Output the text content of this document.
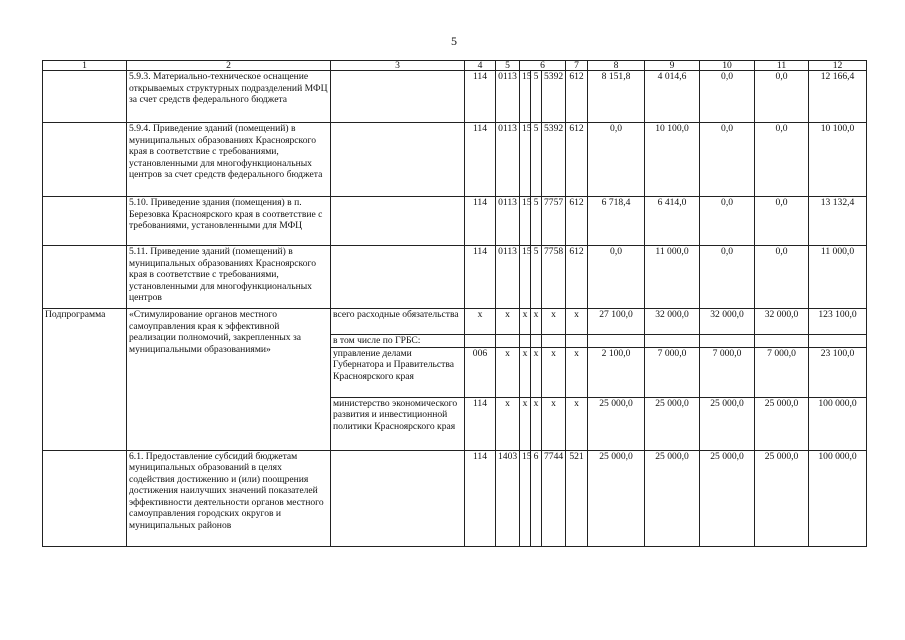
5
1	2	3	4	5	6			7	8	9	10	11	12
	5.9.3. Материально-техническое оснащение открываемых структурных подразделений МФЦ за счет средств федерального бюджета		114	0113	15	5	5392	612	8 151,8	4 014,6	0,0	0,0	12 166,4
	5.9.4. Приведение зданий (помещений) в муниципальных образованиях Красноярского края в соответствие с требованиями, установленными для многофункциональных центров за счет средств федерального бюджета		114	0113	15	5	5392	612	0,0	10 100,0	0,0	0,0	10 100,0
	5.10. Приведение здания (помещения) в п. Березовка Красноярского края в соответствие с требованиями, установленными для МФЦ		114	0113	15	5	7757	612	6 718,4	6 414,0	0,0	0,0	13 132,4
	5.11. Приведение зданий (помещений) в муниципальных образованиях Красноярского края в соответствие с требованиями, установленными для многофункциональных центров		114	0113	15	5	7758	612	0,0	11 000,0	0,0	0,0	11 000,0
Подпрограмма	«Стимулирование органов местного самоуправления края к эффективной реализации полномочий, закрепленных за муниципальными образованиями»	всего расходные обязательства	х	х	х	х	х	х	27 100,0	32 000,0	32 000,0	32 000,0	123 100,0
		в том числе по ГРБС:											
		управление делами Губернатора и Правительства Красноярского края	006	х	х	х	х	х	2 100,0	7 000,0	7 000,0	7 000,0	23 100,0
		министерство экономического развития и инвестиционной политики Красноярского края	114	х	х	х	х	х	25 000,0	25 000,0	25 000,0	25 000,0	100 000,0
	6.1. Предоставление субсидий бюджетам муниципальных образований в целях содействия достижению и (или) поощрения достижения наилучших значений показателей эффективности деятельности органов местного самоуправления городских округов и муниципальных районов		114	1403	15	6	7744	521	25 000,0	25 000,0	25 000,0	25 000,0	100 000,0
